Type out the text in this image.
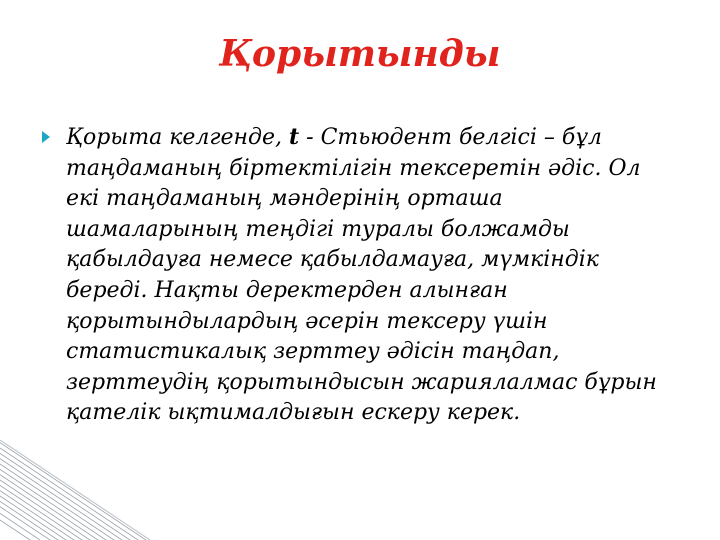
Қорытынды

Қорыта келгенде, t - Стьюдент белгісі – бұл таңдаманың біртектілігін тексеретін әдіс. Ол екі таңдаманың мәндерінің орташа шамаларының теңдігі туралы болжамды қабылдауға немесе қабылдамауға, мүмкіндік береді. Нақты деректерден алынған қорытындылардың әсерін тексеру үшін статистикалық зерттеу әдісін таңдап, зерттеудің қорытындысын жариялалмас бұрын қателік ықтималдығын ескеру керек.
